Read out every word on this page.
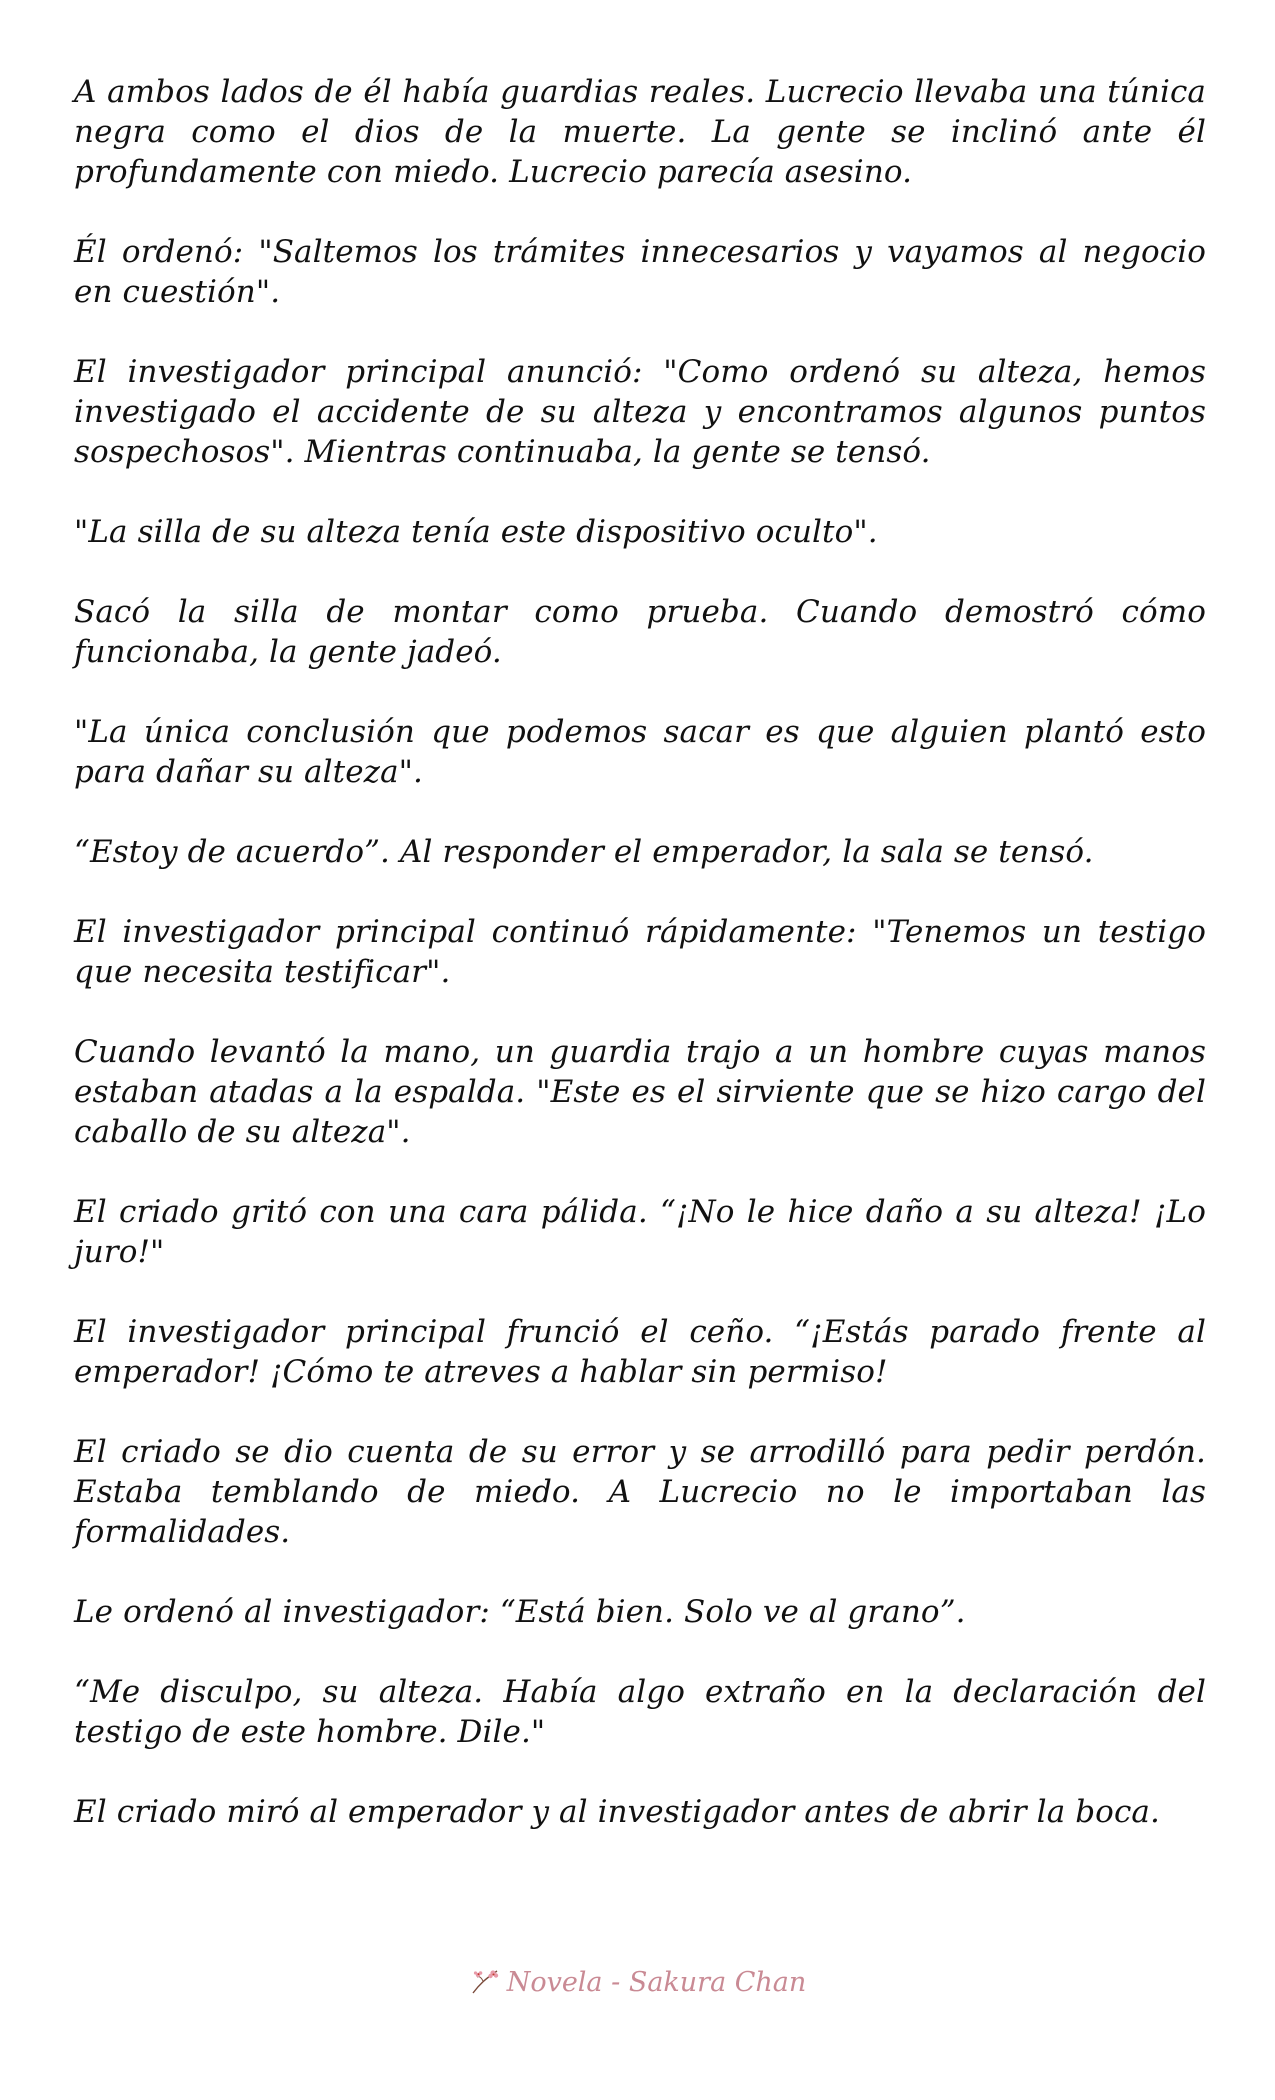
A ambos lados de él había guardias reales. Lucrecio llevaba una túnica negra como el dios de la muerte. La gente se inclinó ante él profundamente con miedo. Lucrecio parecía asesino.

Él ordenó: "Saltemos los trámites innecesarios y vayamos al negocio en cuestión".

El investigador principal anunció: "Como ordenó su alteza, hemos investigado el accidente de su alteza y encontramos algunos puntos sospechosos". Mientras continuaba, la gente se tensó.

"La silla de su alteza tenía este dispositivo oculto".

Sacó la silla de montar como prueba. Cuando demostró cómo funcionaba, la gente jadeó.

"La única conclusión que podemos sacar es que alguien plantó esto para dañar su alteza".

“Estoy de acuerdo”. Al responder el emperador, la sala se tensó.

El investigador principal continuó rápidamente: "Tenemos un testigo que necesita testificar".

Cuando levantó la mano, un guardia trajo a un hombre cuyas manos estaban atadas a la espalda. "Este es el sirviente que se hizo cargo del caballo de su alteza".

El criado gritó con una cara pálida. “¡No le hice daño a su alteza! ¡Lo juro!"

El investigador principal frunció el ceño. “¡Estás parado frente al emperador! ¡Cómo te atreves a hablar sin permiso!

El criado se dio cuenta de su error y se arrodilló para pedir perdón. Estaba temblando de miedo. A Lucrecio no le importaban las formalidades.

Le ordenó al investigador: “Está bien. Solo ve al grano”.

“Me disculpo, su alteza. Había algo extraño en la declaración del testigo de este hombre. Dile."

El criado miró al emperador y al investigador antes de abrir la boca.

Novela - Sakura Chan
